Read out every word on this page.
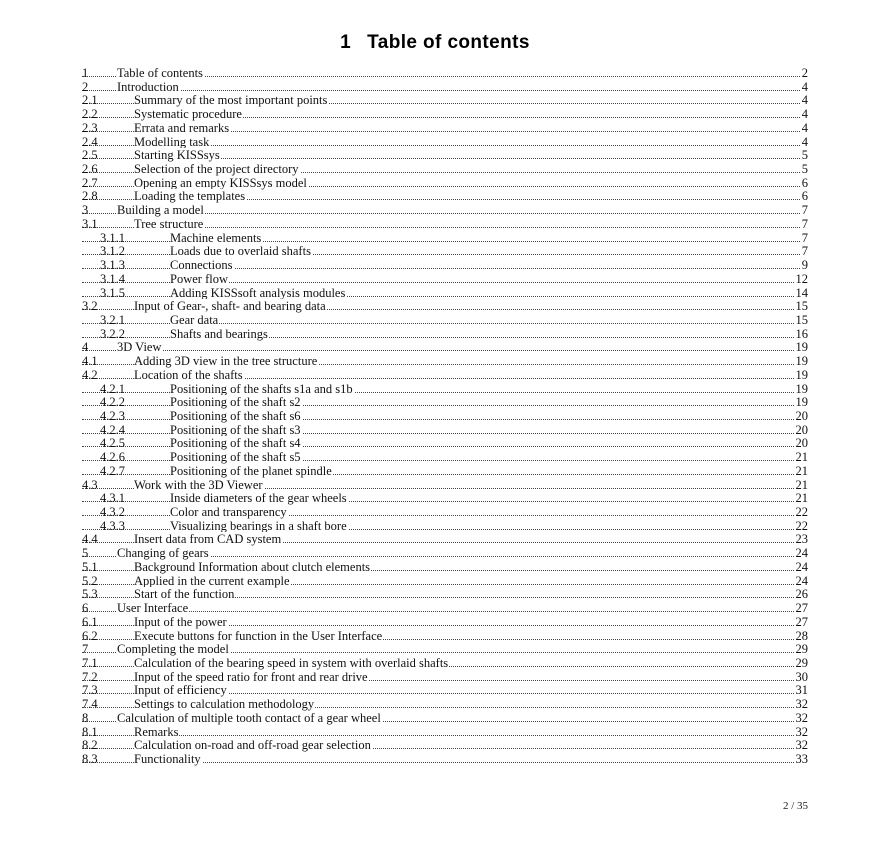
1 Table of contents
1 Table of contents	2
2 Introduction	4
2.1	Summary of the most important points	4
2.2	Systematic procedure	4
2.3	Errata and remarks	4
2.4	Modelling task	4
2.5	Starting KISSsys	5
2.6	Selection of the project directory	5
2.7	Opening an empty KISSsys model	6
2.8	Loading the templates	6
3 Building a model	7
3.1	Tree structure	7
3.1.1	Machine elements	7
3.1.2	Loads due to overlaid shafts	7
3.1.3	Connections	9
3.1.4	Power flow	12
3.1.5	Adding KISSsoft analysis modules	14
3.2	Input of Gear-, shaft- and bearing data	15
3.2.1	Gear data	15
3.2.2	Shafts and bearings	16
4 3D View	19
4.1	Adding 3D view in the tree structure	19
4.2	Location of the shafts	19
4.2.1	Positioning of the shafts s1a and s1b	19
4.2.2	Positioning of the shaft s2	19
4.2.3	Positioning of the shaft s6	20
4.2.4	Positioning of the shaft s3	20
4.2.5	Positioning of the shaft s4	20
4.2.6	Positioning of the shaft s5	21
4.2.7	Positioning of the planet spindle	21
4.3	Work with the 3D Viewer	21
4.3.1	Inside diameters of the gear wheels	21
4.3.2	Color and transparency	22
4.3.3	Visualizing bearings in a shaft bore	22
4.4	Insert data from CAD system	23
5 Changing of gears	24
5.1	Background Information about clutch elements	24
5.2	Applied in the current example	24
5.3	Start of the function	26
6 User Interface	27
6.1	Input of the power	27
6.2	Execute buttons for function in the User Interface	28
7 Completing the model	29
7.1	Calculation of the bearing speed in system with overlaid shafts	29
7.2	Input of the speed ratio for front and rear drive	30
7.3	Input of efficiency	31
7.4	Settings to calculation methodology	32
8 Calculation of multiple tooth contact of a gear wheel	32
8.1	Remarks	32
8.2	Calculation on-road and off-road gear selection	32
8.3	Functionality	33
2 / 35
